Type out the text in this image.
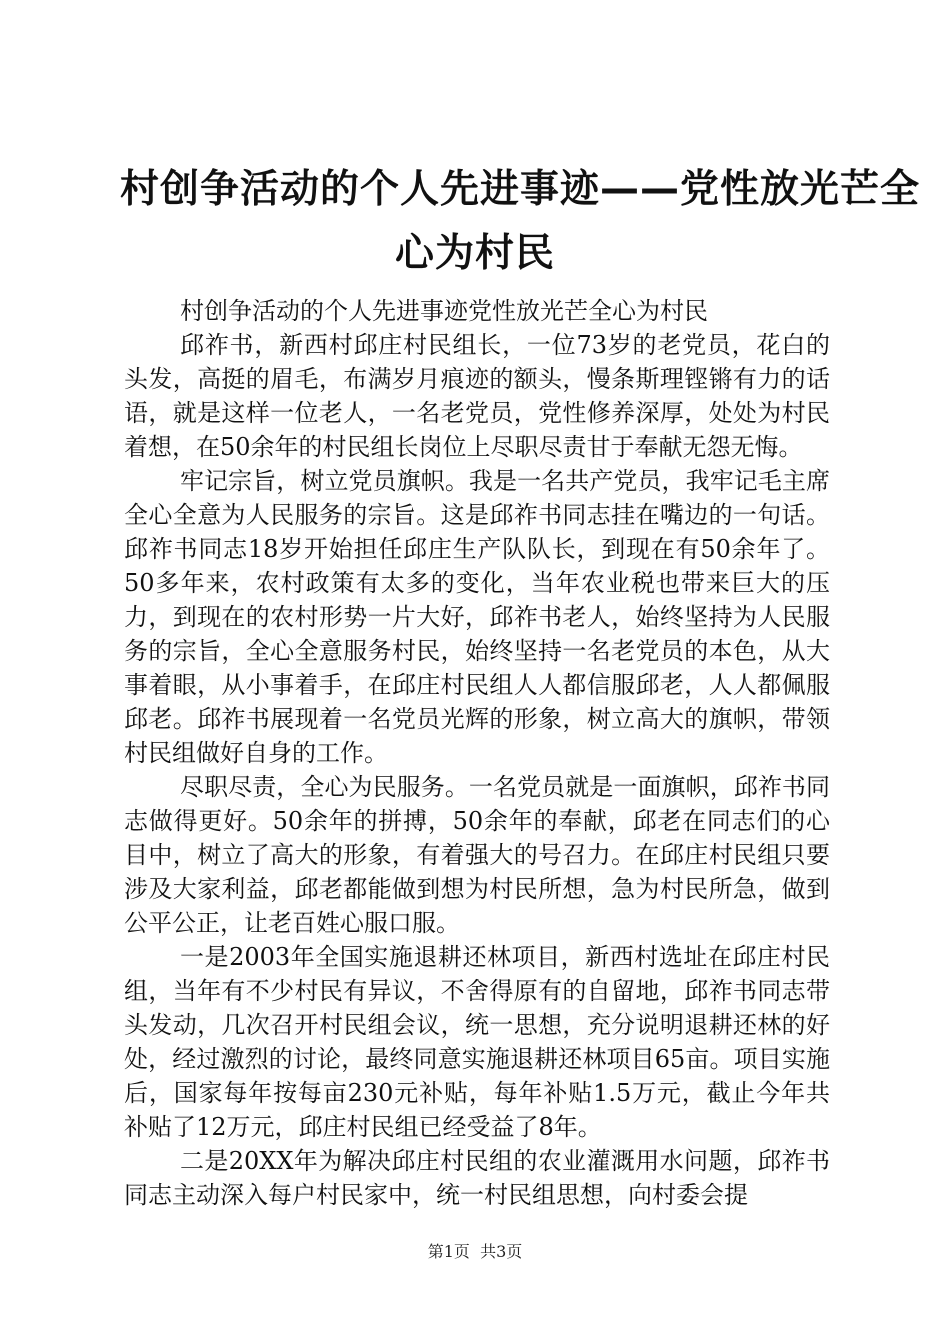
村创争活动的个人先进事迹——党性放光芒全
心为村民

村创争活动的个人先进事迹党性放光芒全心为村民

邱祚书，新西村邱庄村民组长，一位73岁的老党员，花白的头发，高挺的眉毛，布满岁月痕迹的额头，慢条斯理铿锵有力的话语，就是这样一位老人，一名老党员，党性修养深厚，处处为村民着想，在50余年的村民组长岗位上尽职尽责甘于奉献无怨无悔。

牢记宗旨，树立党员旗帜。我是一名共产党员，我牢记毛主席全心全意为人民服务的宗旨。这是邱祚书同志挂在嘴边的一句话。邱祚书同志18岁开始担任邱庄生产队队长，到现在有50余年了。50多年来，农村政策有太多的变化，当年农业税也带来巨大的压力，到现在的农村形势一片大好，邱祚书老人，始终坚持为人民服务的宗旨，全心全意服务村民，始终坚持一名老党员的本色，从大事着眼，从小事着手，在邱庄村民组人人都信服邱老，人人都佩服邱老。邱祚书展现着一名党员光辉的形象，树立高大的旗帜，带领村民组做好自身的工作。

尽职尽责，全心为民服务。一名党员就是一面旗帜，邱祚书同志做得更好。50余年的拼搏，50余年的奉献，邱老在同志们的心目中，树立了高大的形象，有着强大的号召力。在邱庄村民组只要涉及大家利益，邱老都能做到想为村民所想，急为村民所急，做到公平公正，让老百姓心服口服。

一是2003年全国实施退耕还林项目，新西村选址在邱庄村民组，当年有不少村民有异议，不舍得原有的自留地，邱祚书同志带头发动，几次召开村民组会议，统一思想，充分说明退耕还林的好处，经过激烈的讨论，最终同意实施退耕还林项目65亩。项目实施后，国家每年按每亩230元补贴，每年补贴1.5万元，截止今年共补贴了12万元，邱庄村民组已经受益了8年。

二是20XX年为解决邱庄村民组的农业灌溉用水问题，邱祚书同志主动深入每户村民家中，统一村民组思想，向村委会提

第1页  共3页
